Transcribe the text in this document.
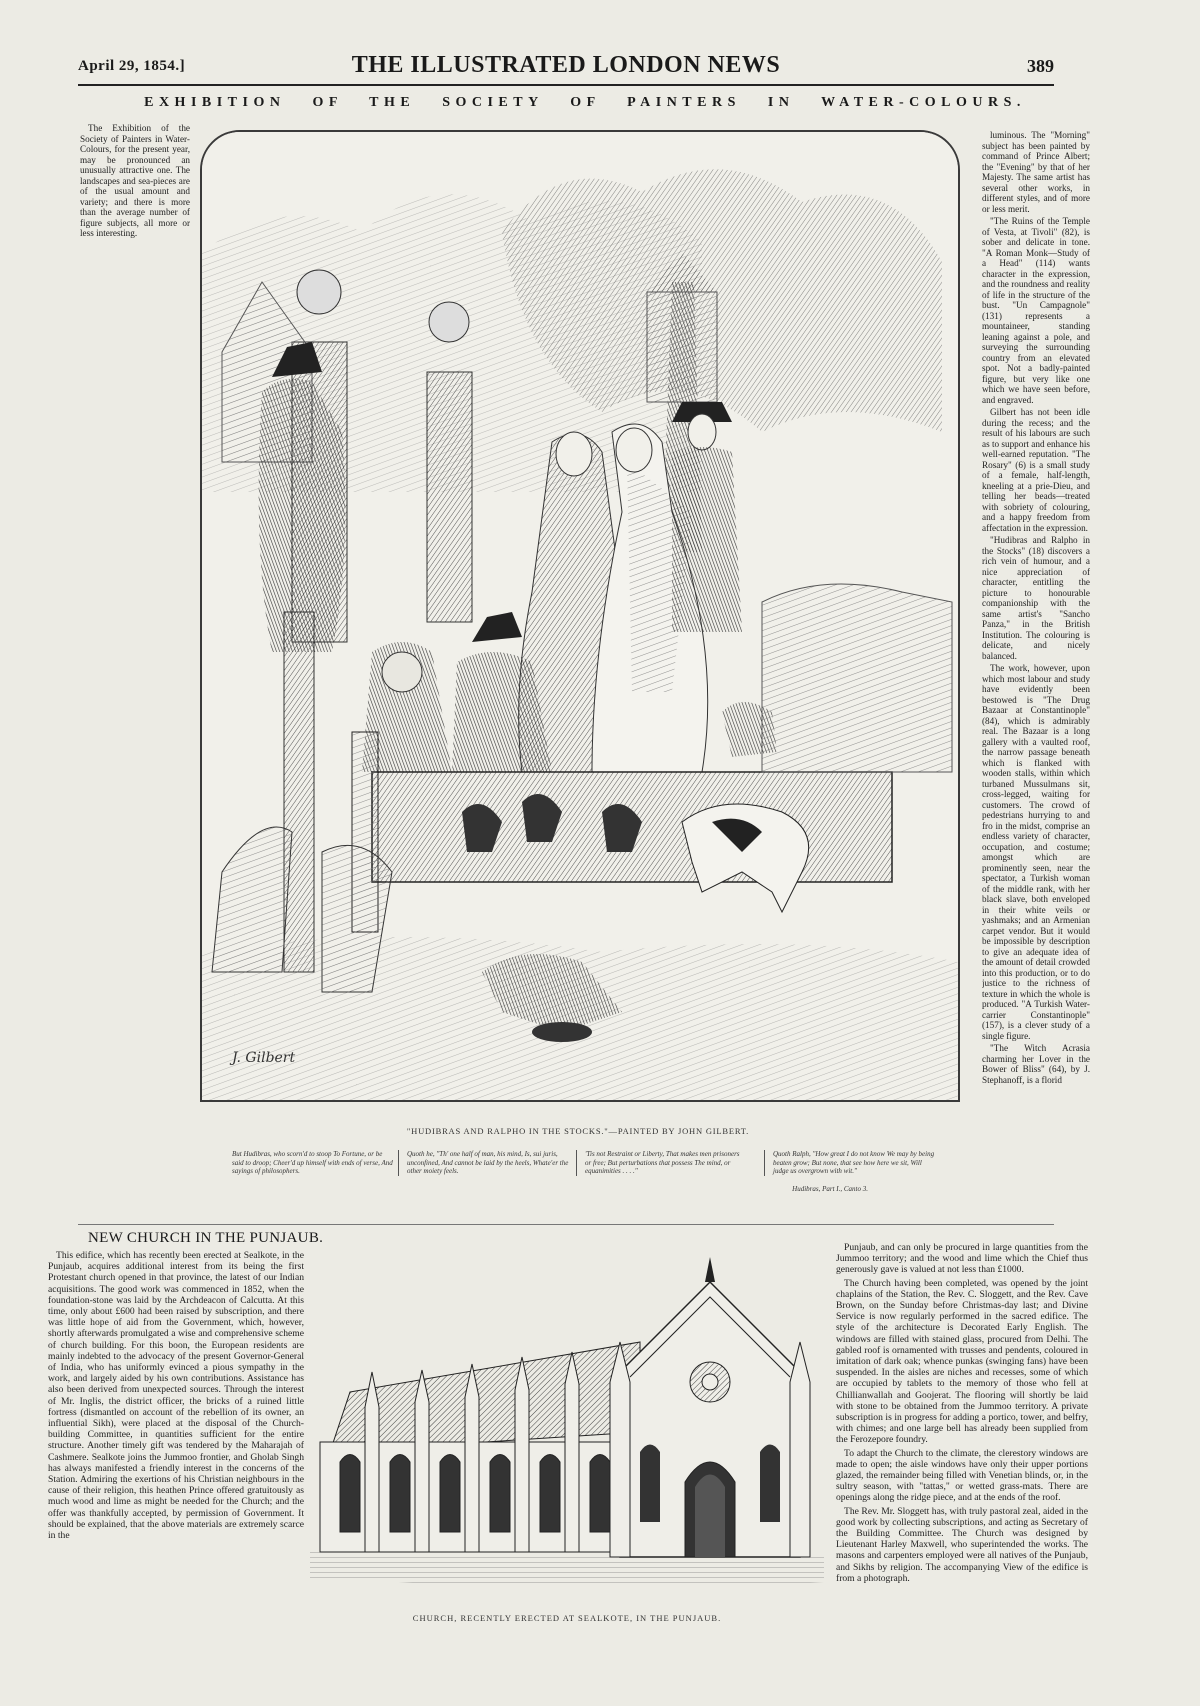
April 29, 1854.]	THE ILLUSTRATED LONDON NEWS	389
EXHIBITION OF THE SOCIETY OF PAINTERS IN WATER-COLOURS.

The Exhibition of the Society of Painters in Water-Colours, for the present year, may be pronounced an unusually attractive one. The landscapes and sea-pieces are of the usual amount and variety; and there is more than the average number of figure subjects, all more or less interesting.

J. Gilbert

luminous. The "Morning" subject has been painted by command of Prince Albert; the "Evening" by that of her Majesty. The same artist has several other works, in different styles, and of more or less merit.

"The Ruins of the Temple of Vesta, at Tivoli" (82), is sober and delicate in tone. "A Roman Monk—Study of a Head" (114) wants character in the expression, and the roundness and reality of life in the structure of the bust. "Un Campagnole" (131) represents a mountaineer, standing leaning against a pole, and surveying the surrounding country from an elevated spot. Not a badly-painted figure, but very like one which we have seen before, and engraved.

Gilbert has not been idle during the recess; and the result of his labours are such as to support and enhance his well-earned reputation. "The Rosary" (6) is a small study of a female, half-length, kneeling at a prie-Dieu, and telling her beads—treated with sobriety of colouring, and a happy freedom from affectation in the expression.

"Hudibras and Ralpho in the Stocks" (18) discovers a rich vein of humour, and a nice appreciation of character, entitling the picture to honourable companionship with the same artist's "Sancho Panza," in the British Institution. The colouring is delicate, and nicely balanced.

The work, however, upon which most labour and study have evidently been bestowed is "The Drug Bazaar at Constantinople" (84), which is admirably real. The Bazaar is a long gallery with a vaulted roof, the narrow passage beneath which is flanked with wooden stalls, within which turbaned Mussulmans sit, cross-legged, waiting for customers. The crowd of pedestrians hurrying to and fro in the midst, comprise an endless variety of character, occupation, and costume; amongst which are prominently seen, near the spectator, a Turkish woman of the middle rank, with her black slave, both enveloped in their white veils or yashmaks; and an Armenian carpet vendor. But it would be impossible by description to give an adequate idea of the amount of detail crowded into this production, or to do justice to the richness of texture in which the whole is produced. "A Turkish Water-carrier Constantinople" (157), is a clever study of a single figure.

"The Witch Acrasia charming her Lover in the Bower of Bliss" (64), by J. Stephanoff, is a florid

"HUDIBRAS AND RALPHO IN THE STOCKS."—PAINTED BY JOHN GILBERT.
But Hudibras, who scorn'd to stoop To Fortune, or be said to droop; Cheer'd up himself with ends of verse, And sayings of philosophers.
Quoth he, "Th' one half of man, his mind, Is, sui juris, unconfined, And cannot be laid by the heels, Whate'er the other moiety feels.
'Tis not Restraint or Liberty, That makes men prisoners or free; But perturbations that possess The mind, or equanimities . . . ."
Quoth Ralph, "How great I do not know We may by being beaten grow; But none, that see how here we sit, Will judge us overgrown with wit."
Hudibras, Part I., Canto 3.
NEW CHURCH IN THE PUNJAUB.

This edifice, which has recently been erected at Sealkote, in the Punjaub, acquires additional interest from its being the first Protestant church opened in that province, the latest of our Indian acquisitions. The good work was commenced in 1852, when the foundation-stone was laid by the Archdeacon of Calcutta. At this time, only about £600 had been raised by subscription, and there was little hope of aid from the Government, which, however, shortly afterwards promulgated a wise and comprehensive scheme of church building. For this boon, the European residents are mainly indebted to the advocacy of the present Governor-General of India, who has uniformly evinced a pious sympathy in the work, and largely aided by his own contributions. Assistance has also been derived from unexpected sources. Through the interest of Mr. Inglis, the district officer, the bricks of a ruined little fortress (dismantled on account of the rebellion of its owner, an influential Sikh), were placed at the disposal of the Church-building Committee, in quantities sufficient for the entire structure. Another timely gift was tendered by the Maharajah of Cashmere. Sealkote joins the Jummoo frontier, and Gholab Singh has always manifested a friendly interest in the concerns of the Station. Admiring the exertions of his Christian neighbours in the cause of their religion, this heathen Prince offered gratuitously as much wood and lime as might be needed for the Church; and the offer was thankfully accepted, by permission of Government. It should be explained, that the above materials are extremely scarce in the

Punjaub, and can only be procured in large quantities from the Jummoo territory; and the wood and lime which the Chief thus generously gave is valued at not less than £1000.

The Church having been completed, was opened by the joint chaplains of the Station, the Rev. C. Sloggett, and the Rev. Cave Brown, on the Sunday before Christmas-day last; and Divine Service is now regularly performed in the sacred edifice. The style of the architecture is Decorated Early English. The windows are filled with stained glass, procured from Delhi. The gabled roof is ornamented with trusses and pendents, coloured in imitation of dark oak; whence punkas (swinging fans) have been suspended. In the aisles are niches and recesses, some of which are occupied by tablets to the memory of those who fell at Chillianwallah and Goojerat. The flooring will shortly be laid with stone to be obtained from the Jummoo territory. A private subscription is in progress for adding a portico, tower, and belfry, with chimes; and one large bell has already been supplied from the Ferozepore foundry.

To adapt the Church to the climate, the clerestory windows are made to open; the aisle windows have only their upper portions glazed, the remainder being filled with Venetian blinds, or, in the sultry season, with "tattas," or wetted grass-mats. There are openings along the ridge piece, and at the ends of the roof.

The Rev. Mr. Sloggett has, with truly pastoral zeal, aided in the good work by collecting subscriptions, and acting as Secretary of the Building Committee. The Church was designed by Lieutenant Harley Maxwell, who superintended the works. The masons and carpenters employed were all natives of the Punjaub, and Sikhs by religion. The accompanying View of the edifice is from a photograph.

CHURCH, RECENTLY ERECTED AT SEALKOTE, IN THE PUNJAUB.
